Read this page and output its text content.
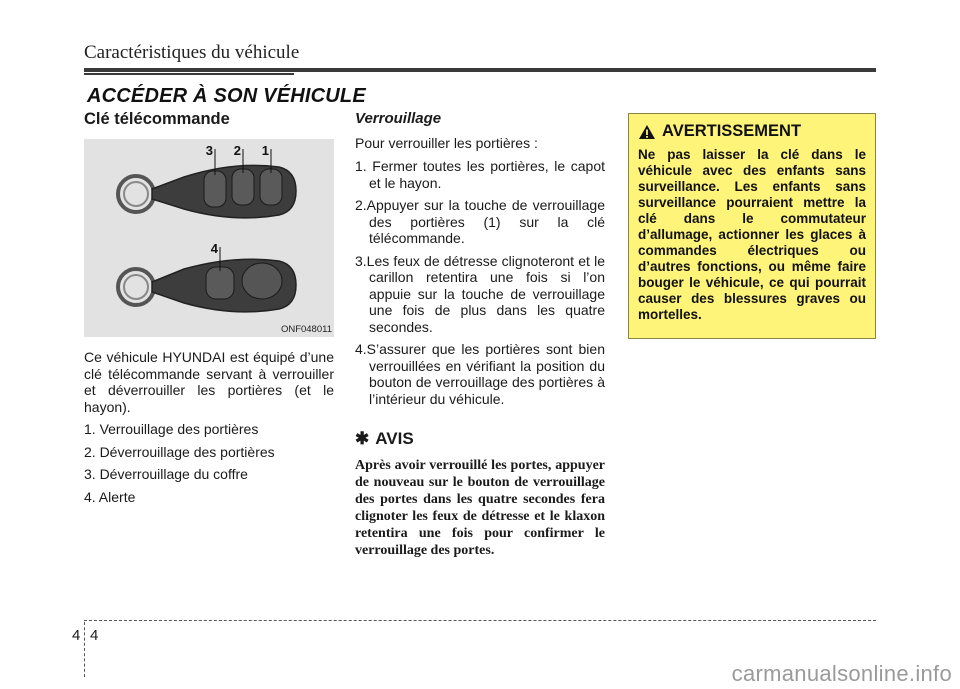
Caractéristiques du véhicule
ACCÉDER À SON VÉHICULE
Clé télécommande
3 2 1
4
ONF048011

Ce véhicule HYUNDAI est équipé d’une clé télécommande servant à verrouiller et déverrouiller les portières (et le hayon).

1. Verrouillage des portières
2. Déverrouillage des portières
3. Déverrouillage du coffre
4. Alerte
Verrouillage
Pour verrouiller les portières :
1. Fermer toutes les portières, le capot et le hayon.
2.Appuyer sur la touche de verrouillage des portières (1) sur la clé télécommande.
3.Les feux de détresse clignoteront et le carillon retentira une fois si l’on appuie sur la touche de verrouillage une fois de plus dans les quatre secondes.
4.S’assurer que les portières sont bien verrouillées en vérifiant la position du bouton de verrouillage des portières à l’intérieur du véhicule.
✱ AVIS
Après avoir verrouillé les portes, appuyer de nouveau sur le bouton de verrouillage des portes dans les quatre secondes fera clignoter les feux de détresse et le klaxon retentira une fois pour confirmer le verrouillage des portes.
AVERTISSEMENT
Ne pas laisser la clé dans le véhicule avec des enfants sans surveillance. Les enfants sans surveillance pourraient mettre la clé dans le commutateur d’allumage, actionner les glaces à commandes électriques ou d’autres fonctions, ou même faire bouger le véhicule, ce qui pourrait causer des blessures graves ou mortelles.
4 4
carmanualsonline.info
